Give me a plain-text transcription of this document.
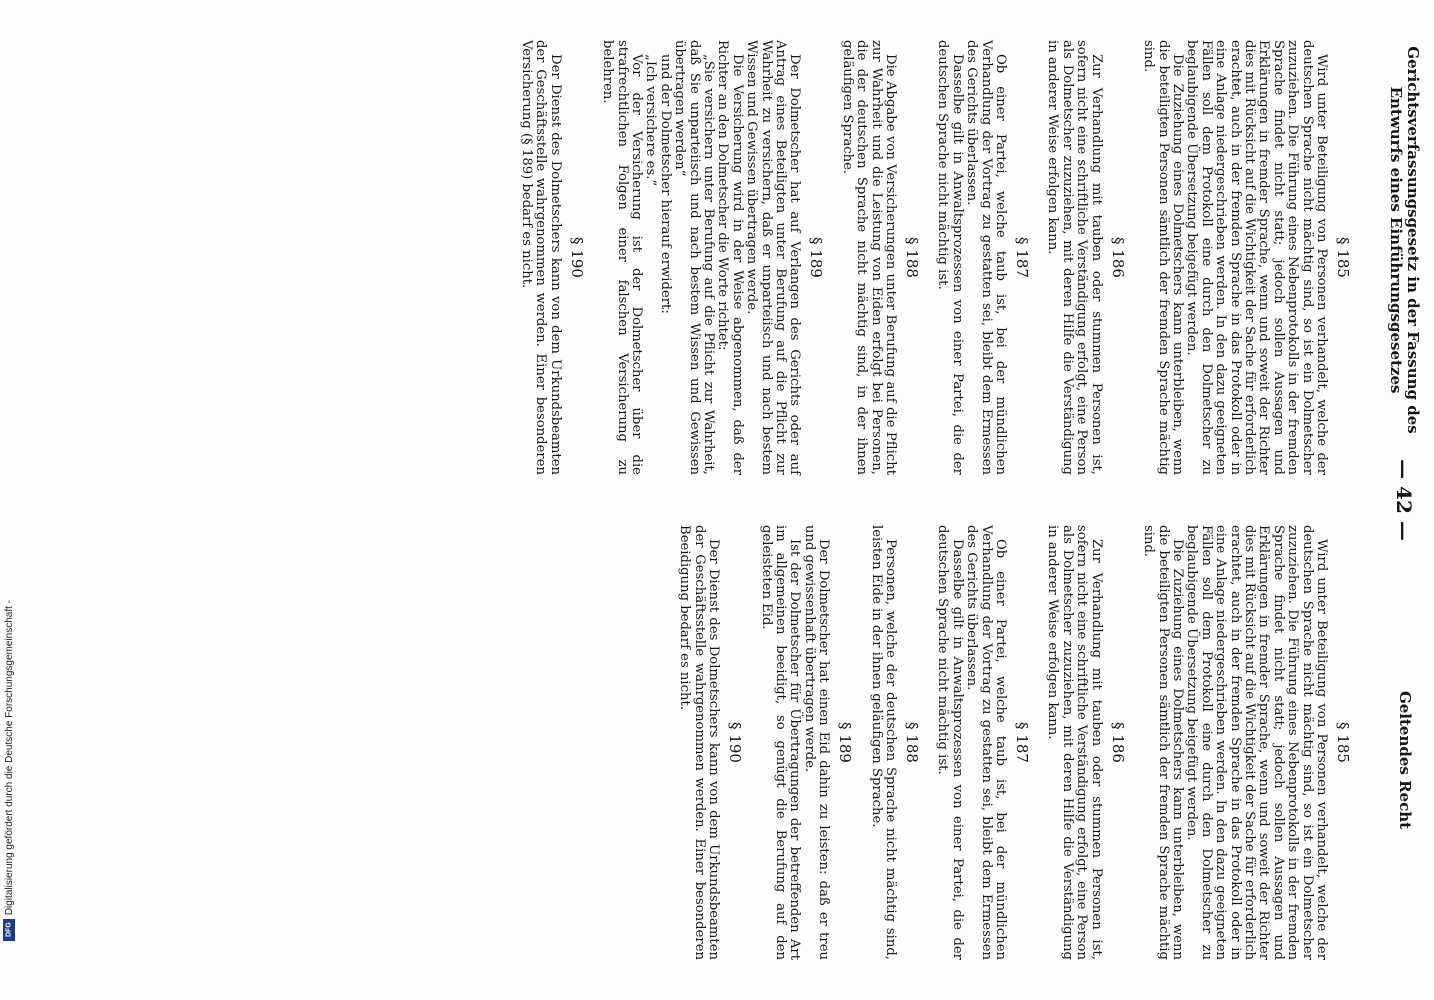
Gerichtsverfassungsgesetz in der Fassung des
Entwurfs eines Einführungsgesetzes
— 42 —
Geltendes Recht
§ 185

Wird unter Beteiligung von Personen verhandelt, welche der deutschen Sprache nicht mächtig sind, so ist ein Dolmetscher zuzuziehen. Die Führung eines Nebenprotokolls in der fremden Sprache findet nicht statt; jedoch sollen Aussagen und Erklärungen in fremder Sprache, wenn und soweit der Richter dies mit Rücksicht auf die Wichtigkeit der Sache für erforderlich erachtet, auch in der fremden Sprache in das Protokoll oder in eine Anlage niedergeschrieben werden. In den dazu geeigneten Fällen soll dem Protokoll eine durch den Dolmetscher zu beglaubigende Übersetzung beigefügt werden.

Die Zuziehung eines Dolmetschers kann unterbleiben, wenn die beteiligten Personen sämtlich der fremden Sprache mächtig sind.

§ 186

Zur Verhandlung mit tauben oder stummen Personen ist, sofern nicht eine schriftliche Verständigung erfolgt, eine Person als Dolmetscher zuzuziehen, mit deren Hilfe die Verständigung in anderer Weise erfolgen kann.

§ 187

Ob einer Partei, welche taub ist, bei der mündlichen Verhandlung der Vortrag zu gestatten sei, bleibt dem Ermessen des Gerichts überlassen.

Dasselbe gilt in Anwaltsprozessen von einer Partei, die der deutschen Sprache nicht mächtig ist.

§ 188

Die Abgabe von Versicherungen unter Berufung auf die Pflicht zur Wahrheit und die Leistung von Eiden erfolgt bei Personen, die der deutschen Sprache nicht mächtig sind, in der ihnen geläufigen Sprache.

§ 189

Der Dolmetscher hat auf Verlangen des Gerichts oder auf Antrag eines Beteiligten unter Berufung auf die Pflicht zur Wahrheit zu versichern, daß er unparteiisch und nach bestem Wissen und Gewissen übertragen werde.

Die Versicherung wird in der Weise abgenommen, daß der Richter an den Dolmetscher die Worte richtet:

„Sie versichern unter Berufung auf die Pflicht zur Wahrheit, daß Sie unparteiisch und nach bestem Wissen und Gewissen übertragen werden“

und der Dolmetscher hierauf erwidert:

„Ich versichere es.“

Vor der Versicherung ist der Dolmetscher über die strafrechtlichen Folgen einer falschen Versicherung zu belehren.

§ 190

Der Dienst des Dolmetschers kann von dem Urkundsbeamten der Geschäftsstelle wahrgenommen werden. Einer besonderen Versicherung (§ 189) bedarf es nicht.

§ 185

Wird unter Beteiligung von Personen verhandelt, welche der deutschen Sprache nicht mächtig sind, so ist ein Dolmetscher zuzuziehen. Die Führung eines Nebenprotokolls in der fremden Sprache findet nicht statt; jedoch sollen Aussagen und Erklärungen in fremder Sprache, wenn und soweit der Richter dies mit Rücksicht auf die Wichtigkeit der Sache für erforderlich erachtet, auch in der fremden Sprache in das Protokoll oder in eine Anlage niedergeschrieben werden. In den dazu geeigneten Fällen soll dem Protokoll eine durch den Dolmetscher zu beglaubigende Übersetzung beigefügt werden.

Die Zuziehung eines Dolmetschers kann unterbleiben, wenn die beteiligten Personen sämtlich der fremden Sprache mächtig sind.

§ 186

Zur Verhandlung mit tauben oder stummen Personen ist, sofern nicht eine schriftliche Verständigung erfolgt, eine Person als Dolmetscher zuzuziehen, mit deren Hilfe die Verständigung in anderer Weise erfolgen kann.

§ 187

Ob einer Partei, welche taub ist, bei der mündlichen Verhandlung der Vortrag zu gestatten sei, bleibt dem Ermessen des Gerichts überlassen.

Dasselbe gilt in Anwaltsprozessen von einer Partei, die der deutschen Sprache nicht mächtig ist.

§ 188

Personen, welche der deutschen Sprache nicht mächtig sind, leisten Eide in der ihnen geläufigen Sprache.

§ 189

Der Dolmetscher hat einen Eid dahin zu leisten: daß er treu und gewissenhaft übertragen werde.

Ist der Dolmetscher für Übertragungen der betreffenden Art im allgemeinen beeidigt, so genügt die Berufung auf den geleisteten Eid.

§ 190

Der Dienst des Dolmetschers kann von dem Urkundsbeamten der Geschäftsstelle wahrgenommen werden. Einer besonderen Beeidigung bedarf es nicht.

Digitalisierung gefördert durch die Deutsche Forschungsgemeinschaft -
DFG
